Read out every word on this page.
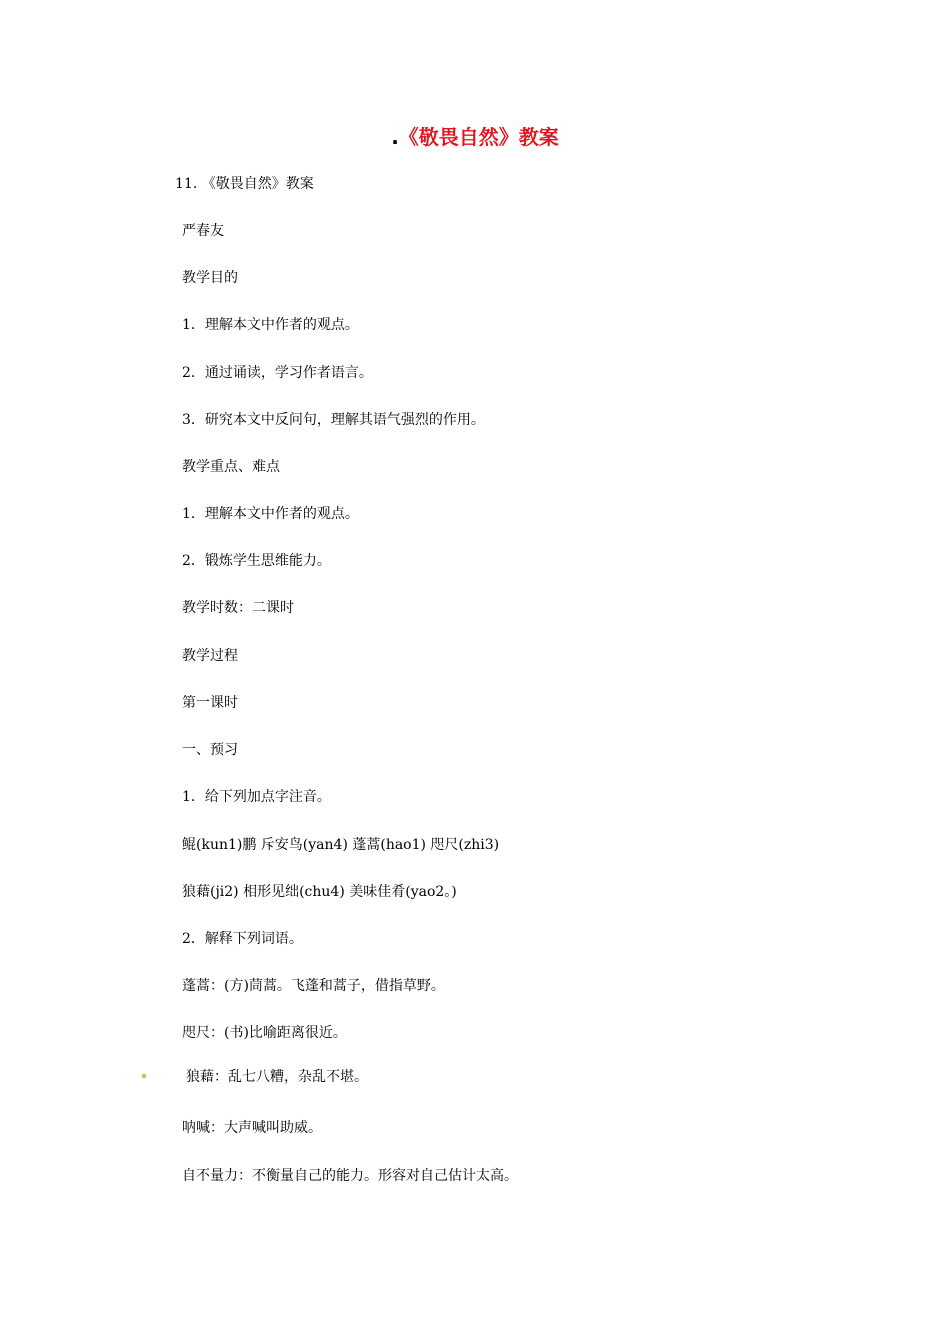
.《敬畏自然》教案
11. 《敬畏自然》教案
严春友
教学目的
1．理解本文中作者的观点。
2．通过诵读，学习作者语言。
3．研究本文中反问句，理解其语气强烈的作用。
教学重点、难点
1．理解本文中作者的观点。
2．锻炼学生思维能力。
教学时数：二课时
教学过程
第一课时
一、预习
1．给下列加点字注音。
鲲(kun1)鹏 斥安鸟(yan4) 蓬蒿(hao1) 咫尺(zhi3)
狼藉(ji2) 相形见绌(chu4) 美味佳肴(yao2。)
2．解释下列词语。
蓬蒿：(方)茼蒿。飞蓬和蒿子，借指草野。
咫尺：(书)比喻距离很近。
狼藉：乱七八糟，杂乱不堪。
呐喊：大声喊叫助威。
自不量力：不衡量自己的能力。形容对自己估计太高。
